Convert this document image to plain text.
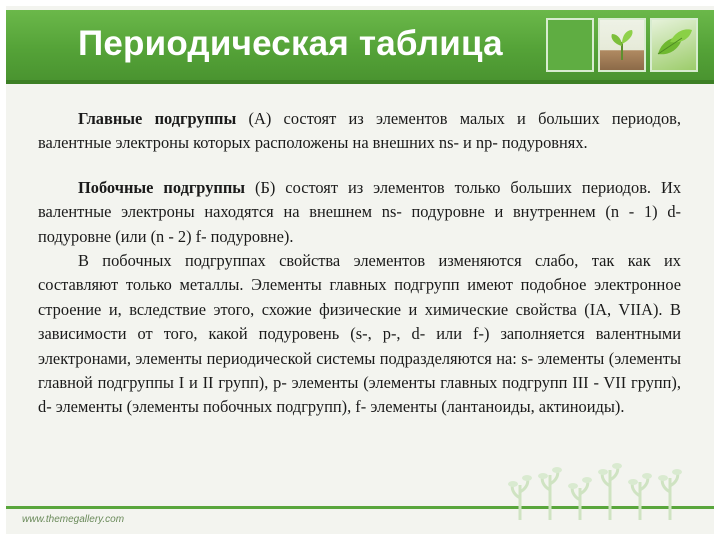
Периодическая таблица

Главные подгруппы (А) состоят из элементов малых и больших периодов, валентные электроны которых расположены на внешних ns- и np- подуровнях.

Побочные подгруппы (Б) состоят из элементов только больших периодов. Их валентные электроны находятся на внешнем ns- подуровне и внутреннем (n - 1) d- подуровне (или (n - 2) f- подуровне).

В побочных подгруппах свойства элементов изменяются слабо, так как их составляют только металлы. Элементы главных подгрупп имеют подобное электронное строение и, вследствие этого, схожие физические и химические свойства (IA, VIIA). В зависимости от того, какой подуровень (s-, p-, d- или f-) заполняется валентными электронами, элементы периодической системы подразделяются на: s- элементы (элементы главной подгруппы I и II групп), p- элементы (элементы главных подгрупп III - VII групп), d- элементы (элементы побочных подгрупп), f- элементы (лантаноиды, актиноиды).

www.themegallery.com
